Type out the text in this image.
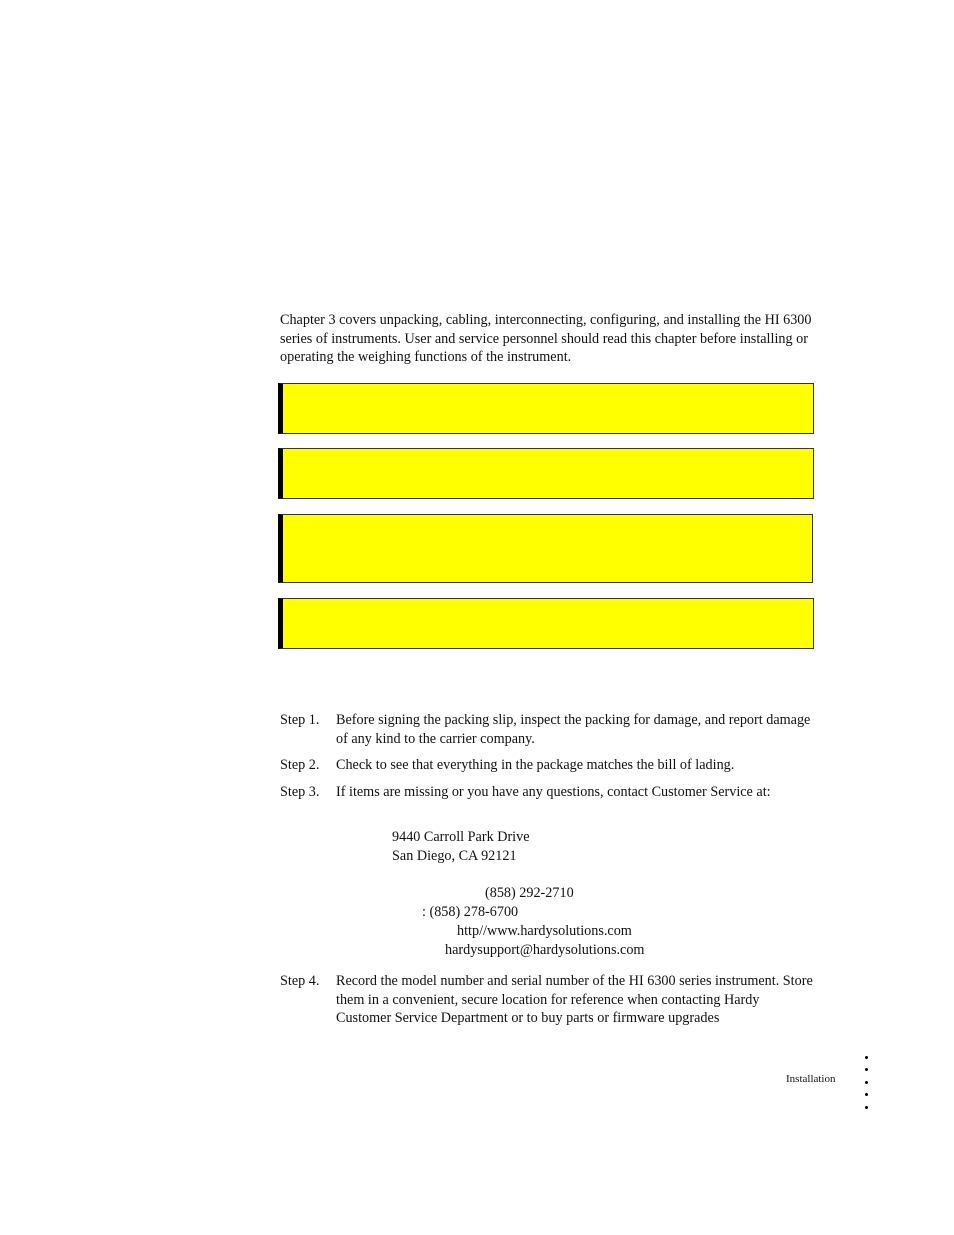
Chapter 3 covers unpacking, cabling, interconnecting, configuring, and installing the HI 6300 series of instruments. User and service personnel should read this chapter before installing or operating the weighing functions of the instrument.

Step 1. Before signing the packing slip, inspect the packing for damage, and report damage of any kind to the carrier company.
Step 2. Check to see that everything in the package matches the bill of lading.
Step 3. If items are missing or you have any questions, contact Customer Service at:
9440 Carroll Park Drive
San Diego, CA 92121
(858) 292-2710
: (858) 278-6700
http//www.hardysolutions.com
hardysupport@hardysolutions.com
Step 4. Record the model number and serial number of the HI 6300 series instrument. Store them in a convenient, secure location for reference when contacting Hardy Customer Service Department or to buy parts or firmware upgrades
Installation
